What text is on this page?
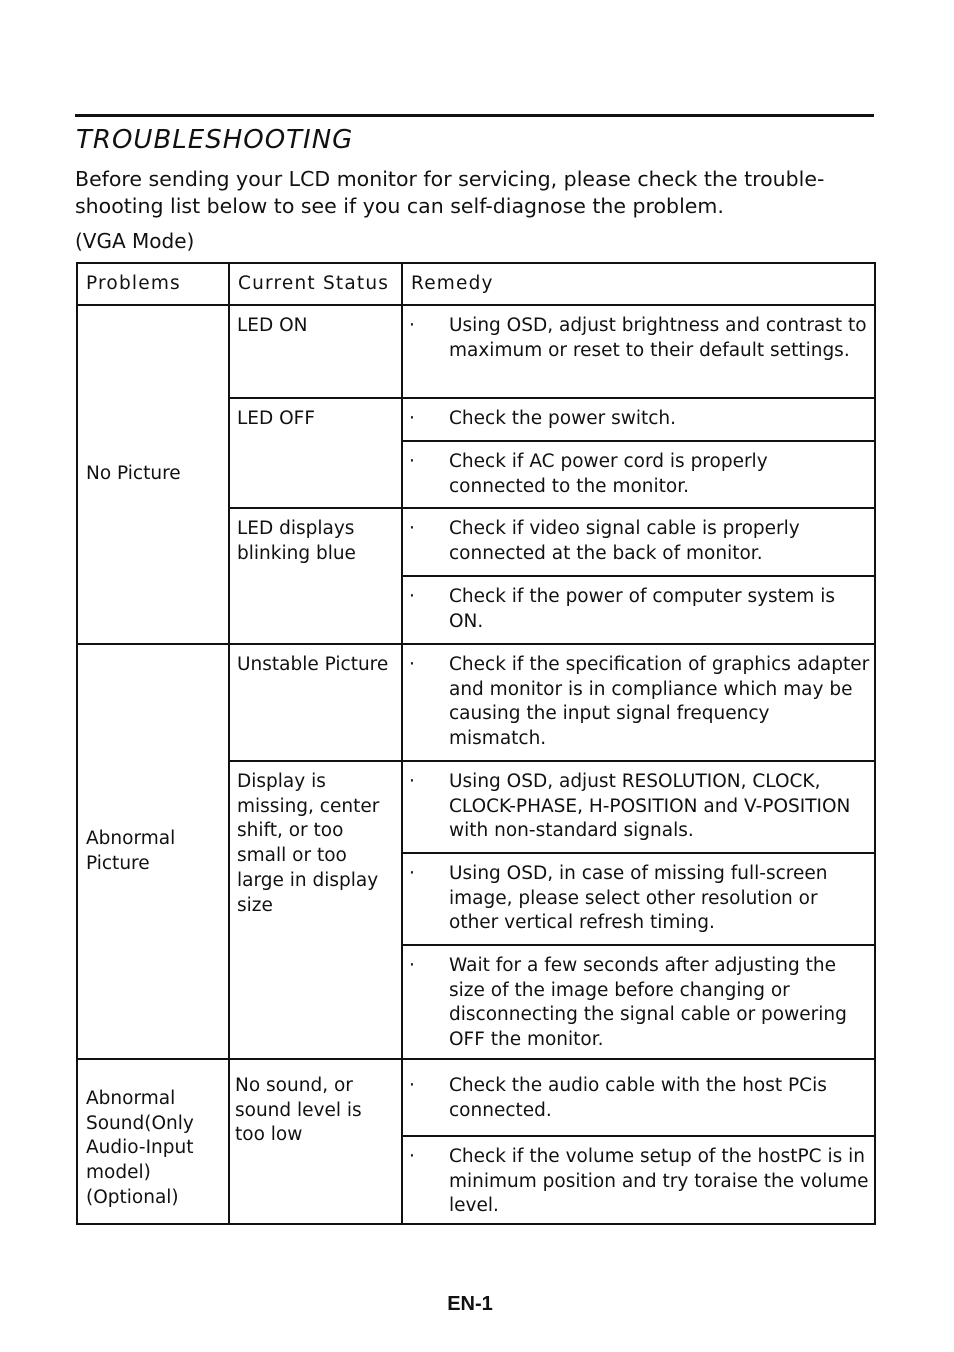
TROUBLESHOOTING

Before sending your LCD monitor for servicing, please check the trouble-shooting list below to see if you can self-diagnose the problem.

(VGA Mode)

Problems	Current Status	Remedy
No Picture	LED ON	· Using OSD, adjust brightness and contrast to maximum or reset to their default settings.

	LED OFF	· Check the power switch.

		· Check if AC power cord is properly connected to the monitor.

	LED displays blinking blue	· Check if video signal cable is properly connected at the back of monitor.

		· Check if the power of computer system is ON.

Abnormal Picture	Unstable Picture	· Check if the specification of graphics adapter and monitor is in compliance which may be causing the input signal frequency mismatch.

	Display is missing, center shift, or too small or too large in display size	· Using OSD, adjust RESOLUTION, CLOCK, CLOCK-PHASE, H-POSITION and V-POSITION with non-standard signals.

		· Using OSD, in case of missing full-screen image, please select other resolution or other vertical refresh timing.

		· Wait for a few seconds after adjusting the size of the image before changing or disconnecting the signal cable or powering OFF the monitor.

Abnormal Sound(Only Audio-Input model) (Optional)	No sound, or sound level is too low	· Check the audio cable with the host PCis connected.

		· Check if the volume setup of the hostPC is in minimum position and try toraise the volume level.

EN-1
